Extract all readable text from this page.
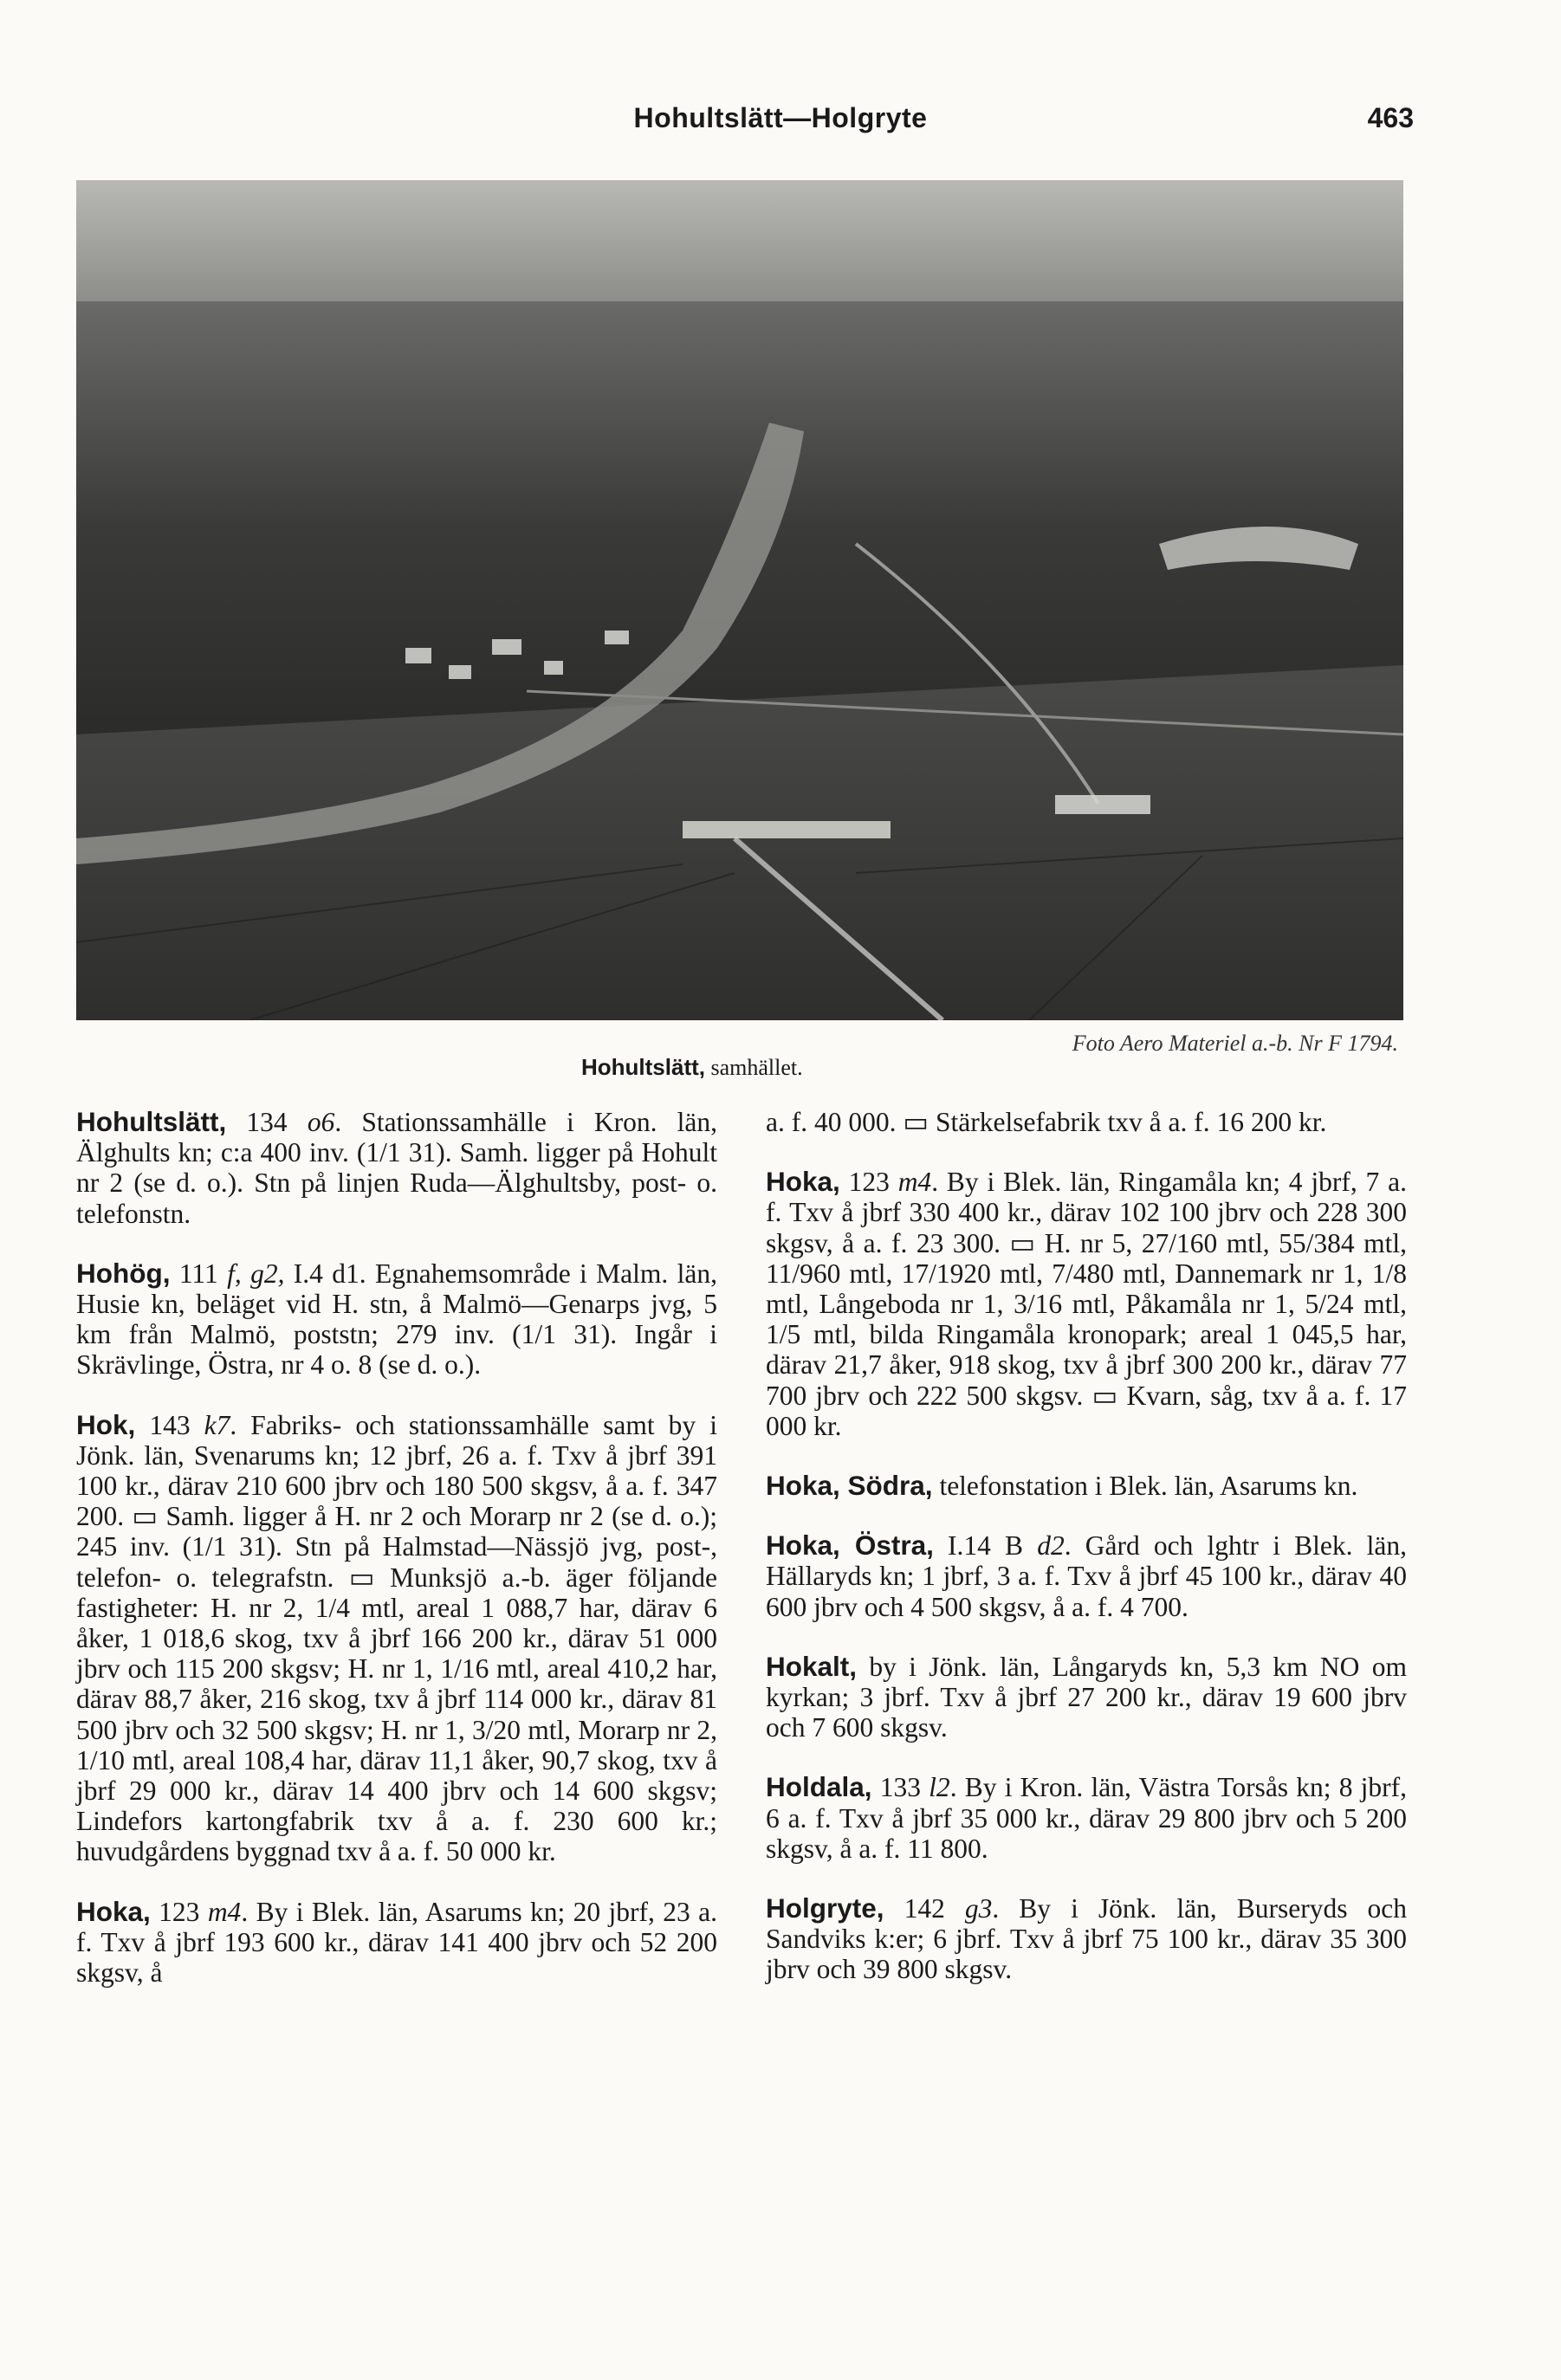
Hohultslätt—Holgryte	463
Hohultslätt, samhället.
Foto Aero Materiel a.-b. Nr F 1794.

Hohultslätt, 134 o6. Stationssamhälle i Kron. län, Älghults kn; c:a 400 inv. (1/1 31). Samh. ligger på Hohult nr 2 (se d. o.). Stn på linjen Ruda—Älghultsby, post- o. telefonstn.

Hohög, 111 f, g2, I.4 d1. Egnahemsområde i Malm. län, Husie kn, beläget vid H. stn, å Malmö—Genarps jvg, 5 km från Malmö, poststn; 279 inv. (1/1 31). Ingår i Skrävlinge, Östra, nr 4 o. 8 (se d. o.).

Hok, 143 k7. Fabriks- och stationssamhälle samt by i Jönk. län, Svenarums kn; 12 jbrf, 26 a. f. Txv å jbrf 391 100 kr., därav 210 600 jbrv och 180 500 skgsv, å a. f. 347 200. ▭ Samh. ligger å H. nr 2 och Morarp nr 2 (se d. o.); 245 inv. (1/1 31). Stn på Halmstad—Nässjö jvg, post-, telefon- o. telegrafstn. ▭ Munksjö a.-b. äger följande fastigheter: H. nr 2, 1/4 mtl, areal 1 088,7 har, därav 6 åker, 1 018,6 skog, txv å jbrf 166 200 kr., därav 51 000 jbrv och 115 200 skgsv; H. nr 1, 1/16 mtl, areal 410,2 har, därav 88,7 åker, 216 skog, txv å jbrf 114 000 kr., därav 81 500 jbrv och 32 500 skgsv; H. nr 1, 3/20 mtl, Morarp nr 2, 1/10 mtl, areal 108,4 har, därav 11,1 åker, 90,7 skog, txv å jbrf 29 000 kr., därav 14 400 jbrv och 14 600 skgsv; Lindefors kartongfabrik txv å a. f. 230 600 kr.; huvudgårdens byggnad txv å a. f. 50 000 kr.

Hoka, 123 m4. By i Blek. län, Asarums kn; 20 jbrf, 23 a. f. Txv å jbrf 193 600 kr., därav 141 400 jbrv och 52 200 skgsv, å

a. f. 40 000. ▭ Stärkelsefabrik txv å a. f. 16 200 kr.

Hoka, 123 m4. By i Blek. län, Ringamåla kn; 4 jbrf, 7 a. f. Txv å jbrf 330 400 kr., därav 102 100 jbrv och 228 300 skgsv, å a. f. 23 300. ▭ H. nr 5, 27/160 mtl, 55/384 mtl, 11/960 mtl, 17/1920 mtl, 7/480 mtl, Dannemark nr 1, 1/8 mtl, Långeboda nr 1, 3/16 mtl, Påkamåla nr 1, 5/24 mtl, 1/5 mtl, bilda Ringamåla kronopark; areal 1 045,5 har, därav 21,7 åker, 918 skog, txv å jbrf 300 200 kr., därav 77 700 jbrv och 222 500 skgsv. ▭ Kvarn, såg, txv å a. f. 17 000 kr.

Hoka, Södra, telefonstation i Blek. län, Asarums kn.

Hoka, Östra, I.14 B d2. Gård och lghtr i Blek. län, Hällaryds kn; 1 jbrf, 3 a. f. Txv å jbrf 45 100 kr., därav 40 600 jbrv och 4 500 skgsv, å a. f. 4 700.

Hokalt, by i Jönk. län, Långaryds kn, 5,3 km NO om kyrkan; 3 jbrf. Txv å jbrf 27 200 kr., därav 19 600 jbrv och 7 600 skgsv.

Holdala, 133 l2. By i Kron. län, Västra Torsås kn; 8 jbrf, 6 a. f. Txv å jbrf 35 000 kr., därav 29 800 jbrv och 5 200 skgsv, å a. f. 11 800.

Holgryte, 142 g3. By i Jönk. län, Burseryds och Sandviks k:er; 6 jbrf. Txv å jbrf 75 100 kr., därav 35 300 jbrv och 39 800 skgsv.
